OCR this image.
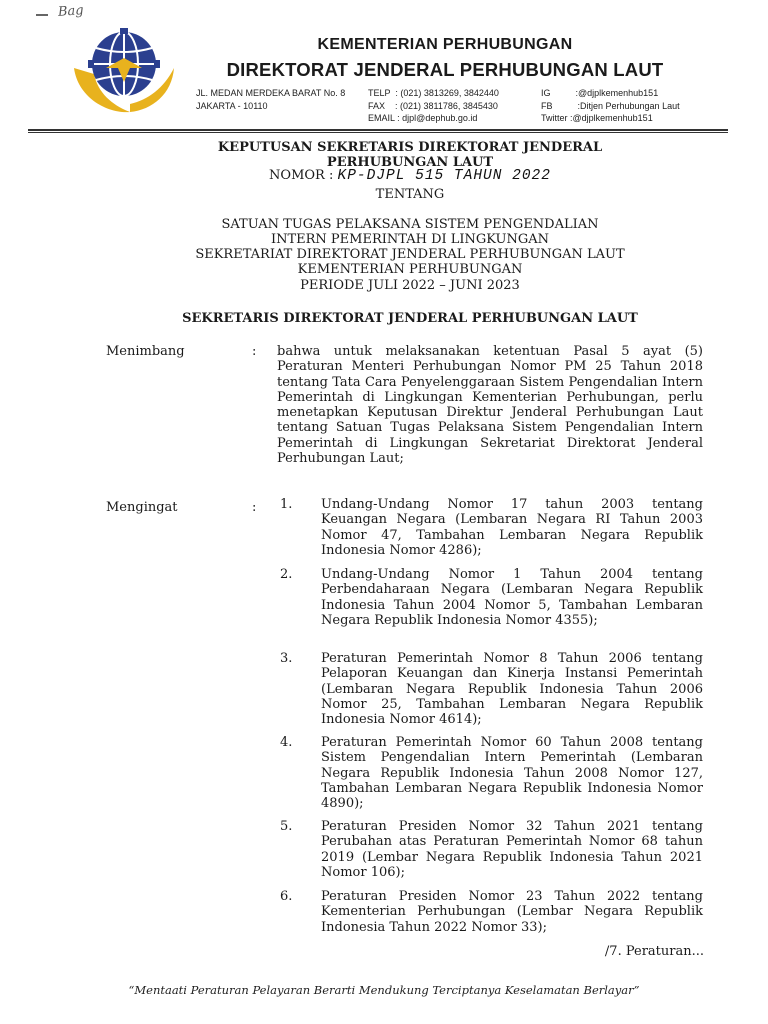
Bag
KEMENTERIAN PERHUBUNGAN
DIREKTORAT JENDERAL PERHUBUNGAN LAUT
JL. MEDAN MERDEKA BARAT No. 8
JAKARTA - 10110
TELP  : (021) 3813269, 3842440
FAX    : (021) 3811786, 3845430
EMAIL : djpl@dephub.go.id
IG          :@djplkemenhub151
FB          :Ditjen Perhubungan Laut
Twitter :@djplkemenhub151
KEPUTUSAN SEKRETARIS DIREKTORAT JENDERAL
PERHUBUNGAN LAUT
NOMOR : KP-DJPL 515 TAHUN 2022
TENTANG
SATUAN TUGAS PELAKSANA SISTEM PENGENDALIAN
INTERN PEMERINTAH DI LINGKUNGAN
SEKRETARIAT DIREKTORAT JENDERAL PERHUBUNGAN LAUT
KEMENTERIAN PERHUBUNGAN
PERIODE JULI 2022 – JUNI 2023
SEKRETARIS DIREKTORAT JENDERAL PERHUBUNGAN LAUT
Menimbang	: bahwa untuk melaksanakan ketentuan Pasal 5 ayat (5) Peraturan Menteri Perhubungan Nomor PM 25 Tahun 2018 tentang Tata Cara Penyelenggaraan Sistem Pengendalian Intern Pemerintah di Lingkungan Kementerian Perhubungan, perlu menetapkan Keputusan Direktur Jenderal Perhubungan Laut tentang Satuan Tugas Pelaksana Sistem Pengendalian Intern Pemerintah di Lingkungan Sekretariat Direktorat Jenderal Perhubungan Laut;
Mengingat	: 1. Undang-Undang Nomor 17 tahun 2003 tentang Keuangan Negara (Lembaran Negara RI Tahun 2003 Nomor 47, Tambahan Lembaran Negara Republik Indonesia Nomor 4286);
2. Undang-Undang Nomor 1 Tahun 2004 tentang Perbendaharaan Negara (Lembaran Negara Republik Indonesia Tahun 2004 Nomor 5, Tambahan Lembaran Negara Republik Indonesia Nomor 4355);
3. Peraturan Pemerintah Nomor 8 Tahun 2006 tentang Pelaporan Keuangan dan Kinerja Instansi Pemerintah (Lembaran Negara Republik Indonesia Tahun 2006 Nomor 25, Tambahan Lembaran Negara Republik Indonesia Nomor 4614);
4. Peraturan Pemerintah Nomor 60 Tahun 2008 tentang Sistem Pengendalian Intern Pemerintah (Lembaran Negara Republik Indonesia Tahun 2008 Nomor 127, Tambahan Lembaran Negara Republik Indonesia Nomor 4890);
5. Peraturan Presiden Nomor 32 Tahun 2021 tentang Perubahan atas Peraturan Pemerintah Nomor 68 tahun 2019 (Lembar Negara Republik Indonesia Tahun 2021 Nomor 106);
6. Peraturan Presiden Nomor 23 Tahun 2022 tentang Kementerian Perhubungan (Lembar Negara Republik Indonesia Tahun 2022 Nomor 33);
/7. Peraturan...
“Mentaati Peraturan Pelayaran Berarti Mendukung Terciptanya Keselamatan Berlayar”
